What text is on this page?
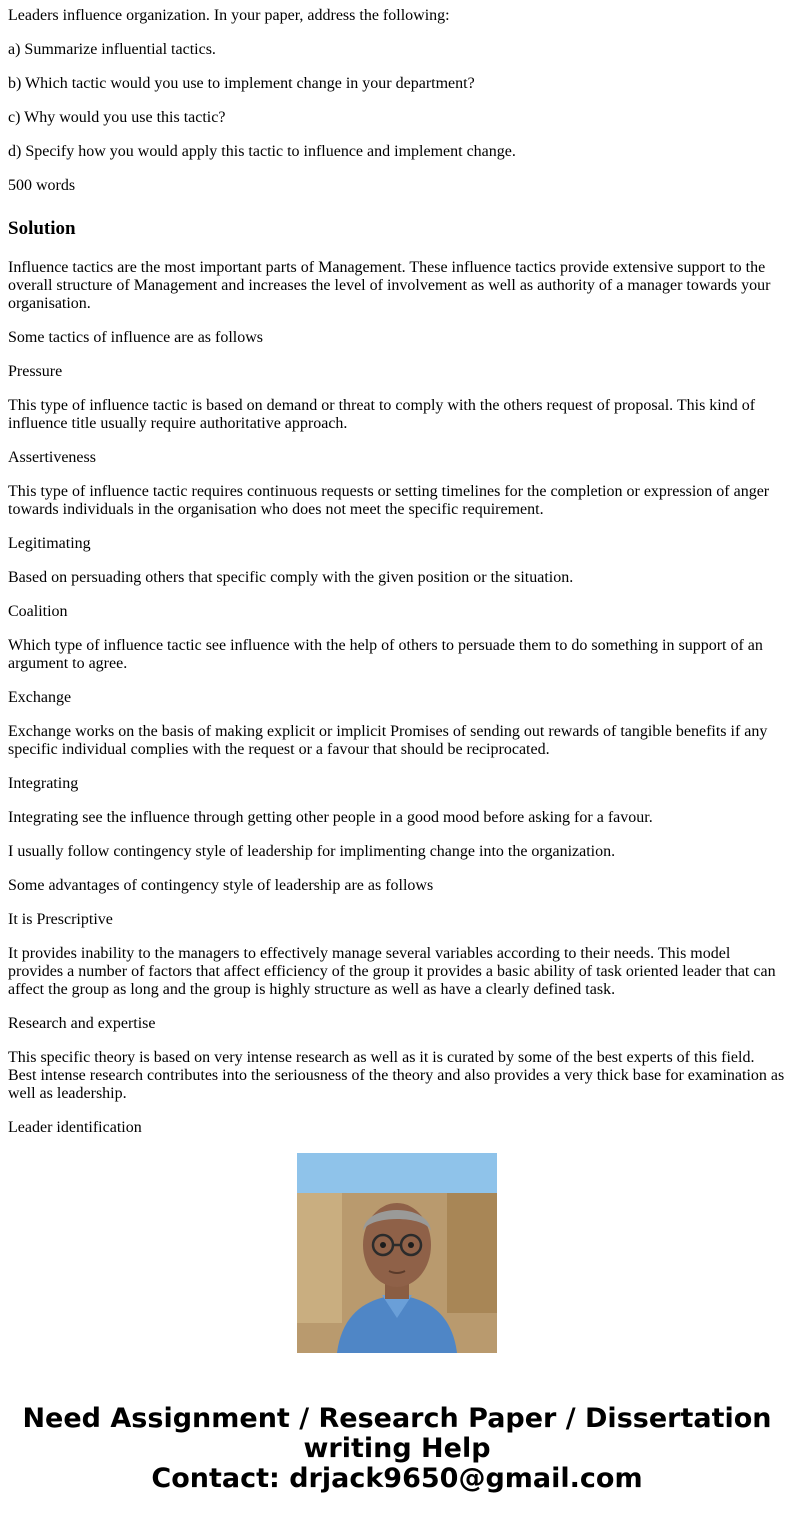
Leaders influence organization. In your paper, address the following:

a) Summarize influential tactics.

b) Which tactic would you use to implement change in your department?

c) Why would you use this tactic?

d) Specify how you would apply this tactic to influence and implement change.

500 words

Solution

Influence tactics are the most important parts of Management. These influence tactics provide extensive support to the overall structure of Management and increases the level of involvement as well as authority of a manager towards your organisation.

Some tactics of influence are as follows

Pressure

This type of influence tactic is based on demand or threat to comply with the others request of proposal. This kind of influence title usually require authoritative approach.

Assertiveness

This type of influence tactic requires continuous requests or setting timelines for the completion or expression of anger towards individuals in the organisation who does not meet the specific requirement.

Legitimating

Based on persuading others that specific comply with the given position or the situation.

Coalition

Which type of influence tactic see influence with the help of others to persuade them to do something in support of an argument to agree.

Exchange

Exchange works on the basis of making explicit or implicit Promises of sending out rewards of tangible benefits if any specific individual complies with the request or a favour that should be reciprocated.

Integrating

Integrating see the influence through getting other people in a good mood before asking for a favour.

I usually follow contingency style of leadership for implimenting change into the organization.

Some advantages of contingency style of leadership are as follows

It is Prescriptive

It provides inability to the managers to effectively manage several variables according to their needs. This model provides a number of factors that affect efficiency of the group it provides a basic ability of task oriented leader that can affect the group as long and the group is highly structure as well as have a clearly defined task.

Research and expertise

This specific theory is based on very intense research as well as it is curated by some of the best experts of this field. Best intense research contributes into the seriousness of the theory and also provides a very thick base for examination as well as leadership.

Leader identification

Need Assignment / Research Paper / Dissertation
writing Help
Contact: drjack9650@gmail.com
